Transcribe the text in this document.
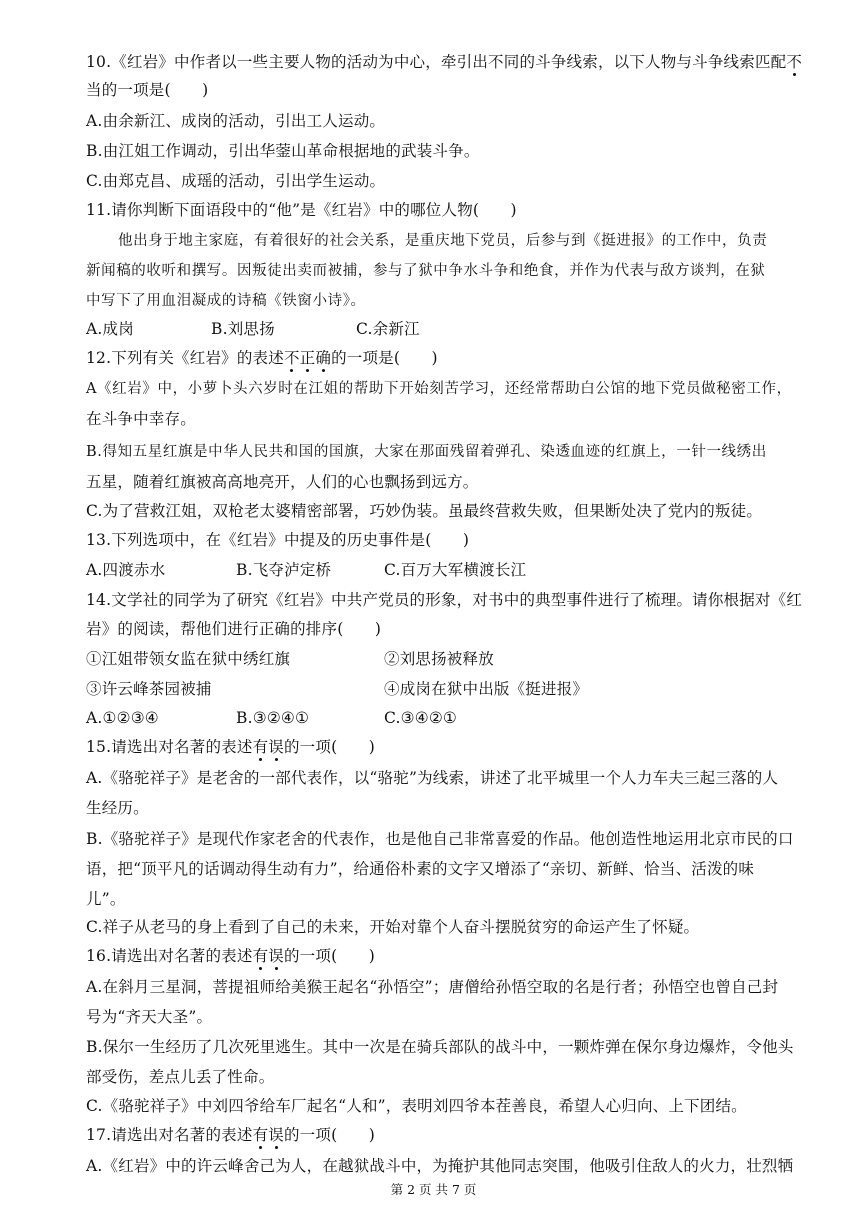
10.《红岩》中作者以一些主要人物的活动为中心，牵引出不同的斗争线索，以下人物与斗争线索匹配不
当的一项是(　　)
A.由余新江、成岗的活动，引出工人运动。
B.由江姐工作调动，引出华蓥山革命根据地的武装斗争。
C.由郑克昌、成瑶的活动，引出学生运动。
11.请你判断下面语段中的“他”是《红岩》中的哪位人物(　　)
他出身于地主家庭，有着很好的社会关系，是重庆地下党员，后参与到《挺进报》的工作中，负责
新闻稿的收听和撰写。因叛徒出卖而被捕，参与了狱中争水斗争和绝食，并作为代表与敌方谈判，在狱
中写下了用血泪凝成的诗稿《铁窗小诗》。
A.成岗	B.刘思扬	C.余新江
12.下列有关《红岩》的表述不正确的一项是(　　)
A《红岩》中，小萝卜头六岁时在江姐的帮助下开始刻苦学习，还经常帮助白公馆的地下党员做秘密工作，
在斗争中幸存。
B.得知五星红旗是中华人民共和国的国旗，大家在那面残留着弹孔、染透血迹的红旗上，一针一线绣出
五星，随着红旗被高高地亮开，人们的心也飘扬到远方。
C.为了营救江姐，双枪老太婆精密部署，巧妙伪装。虽最终营救失败，但果断处决了党内的叛徒。
13.下列选项中，在《红岩》中提及的历史事件是(　　)
A.四渡赤水	B.飞夺泸定桥	C.百万大军横渡长江
14.文学社的同学为了研究《红岩》中共产党员的形象，对书中的典型事件进行了梳理。请你根据对《红
岩》的阅读，帮他们进行正确的排序(　　)
①江姐带领女监在狱中绣红旗	②刘思扬被释放
③许云峰茶园被捕	④成岗在狱中出版《挺进报》
A.①②③④	B.③②④①	C.③④②①
15.请选出对名著的表述有误的一项(　　)
A.《骆驼祥子》是老舍的一部代表作，以“骆驼”为线索，讲述了北平城里一个人力车夫三起三落的人
生经历。
B.《骆驼祥子》是现代作家老舍的代表作，也是他自己非常喜爱的作品。他创造性地运用北京市民的口
语，把“顶平凡的话调动得生动有力”，给通俗朴素的文字又增添了“亲切、新鲜、恰当、活泼的味
儿”。
C.祥子从老马的身上看到了自己的未来，开始对靠个人奋斗摆脱贫穷的命运产生了怀疑。
16.请选出对名著的表述有误的一项(　　)
A.在斜月三星洞，菩提祖师给美猴王起名“孙悟空”；唐僧给孙悟空取的名是行者；孙悟空也曾自己封
号为“齐天大圣”。
B.保尔一生经历了几次死里逃生。其中一次是在骑兵部队的战斗中，一颗炸弹在保尔身边爆炸，令他头
部受伤，差点儿丢了性命。
C.《骆驼祥子》中刘四爷给车厂起名“人和”，表明刘四爷本茬善良，希望人心归向、上下团结。
17.请选出对名著的表述有误的一项(　　)
A.《红岩》中的许云峰舍己为人，在越狱战斗中，为掩护其他同志突围，他吸引住敌人的火力，壮烈牺
第 2 页 共 7 页
